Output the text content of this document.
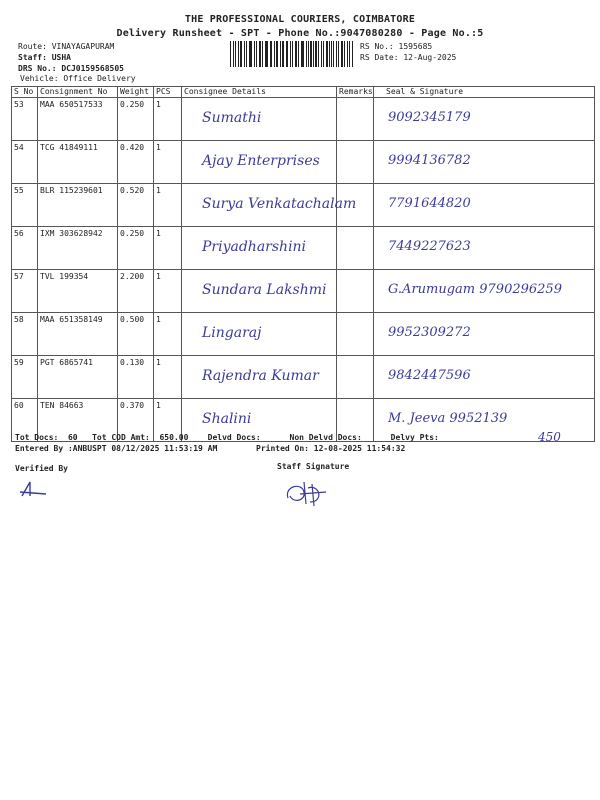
THE PROFESSIONAL COURIERS, COIMBATORE
Delivery Runsheet - SPT - Phone No.:9047080280 - Page No.:5
Route: VINAYAGAPURAM
Staff: USHA
DRS No.: DCJ0159568505
Vehicle: Office Delivery
RS No.: 1595685
RS Date: 12-Aug-2025
S No	Consignment No	Weight	PCS	Consignee Details	Remarks	Seal & Signature
53	MAA 650517533	0.250	1	Sumathi		9092345179

54	TCG 41849111	0.420	1	Ajay Enterprises		9994136782

55	BLR 115239601	0.520	1	Surya Venkatachalam		7791644820

56	IXM 303628942	0.250	1	Priyadharshini		7449227623

57	TVL 199354	2.200	1	Sundara Lakshmi		G.Arumugam 9790296259

58	MAA 651358149	0.500	1	Lingaraj		9952309272

59	PGT 6865741	0.130	1	Rajendra Kumar		9842447596

60	TEN 84663	0.370	1	Shalini		M. Jeeva 9952139
Tot Docs:  60   Tot COD Amt:  650.00    Delvd Docs:      Non Delvd Docs:      Delvy Pts:	450
Entered By :ANBUSPT 08/12/2025 11:53:19 AM	Printed On: 12-08-2025 11:54:32
Verified By	Staff Signature
